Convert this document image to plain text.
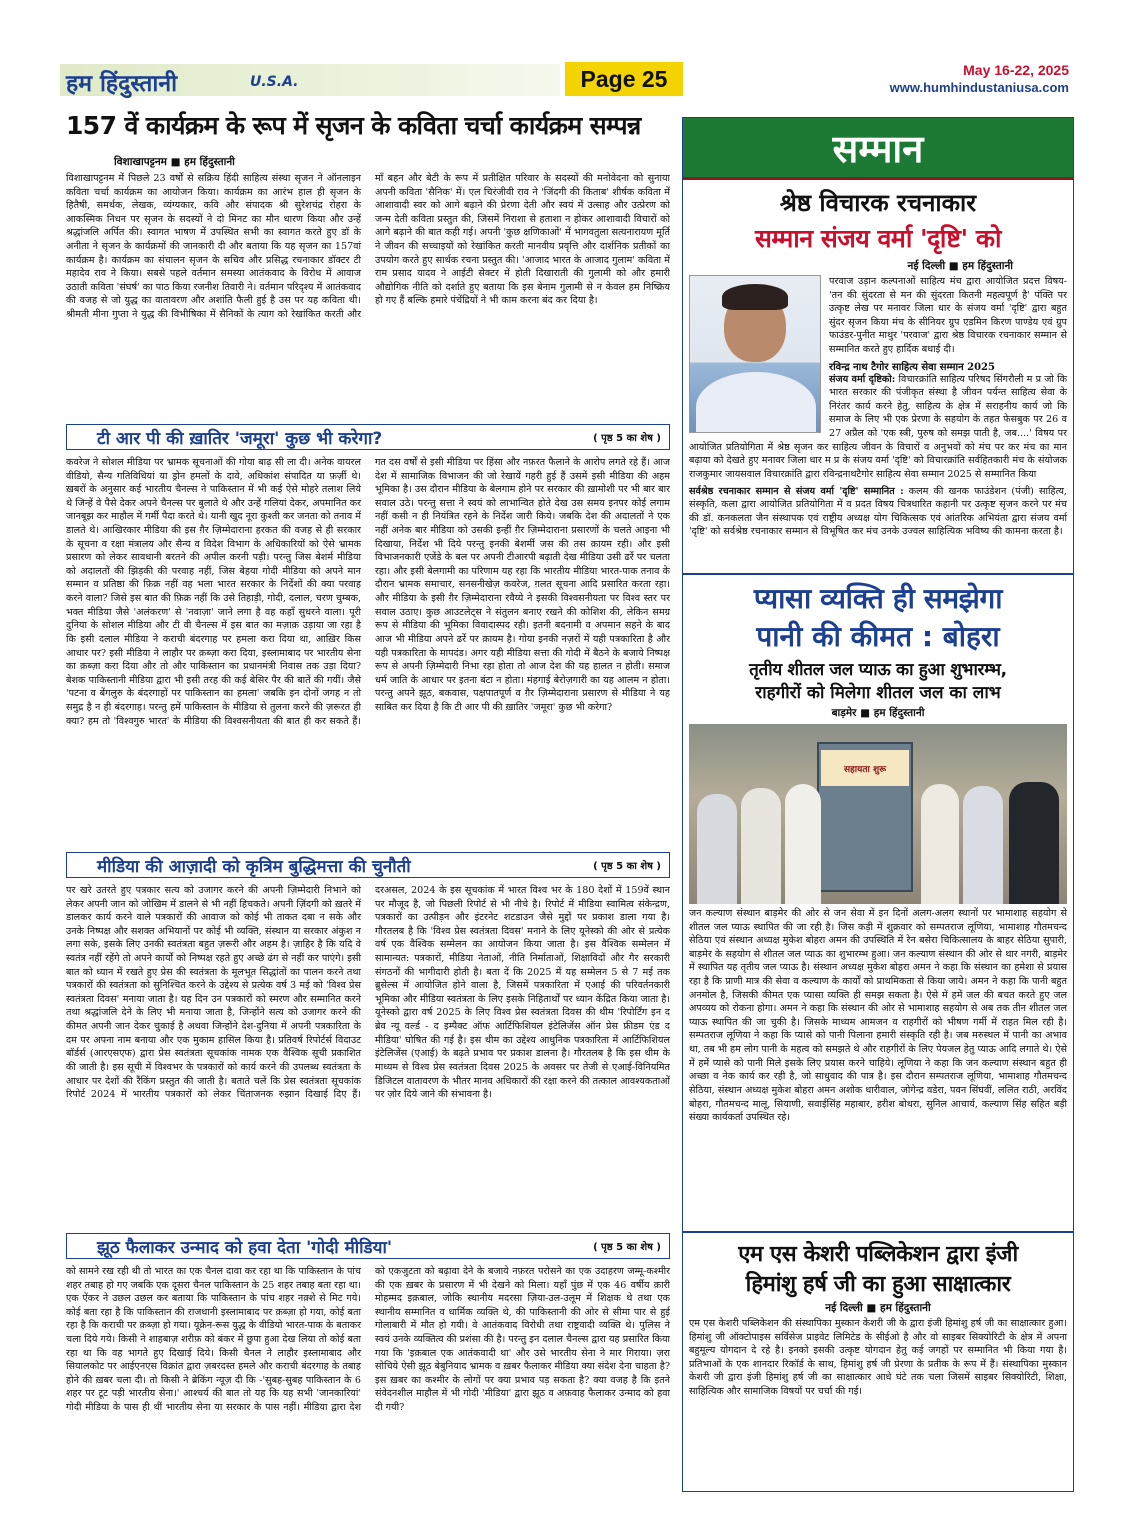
हम हिंदुस्तानी	U.S.A.	Page 25	May 16-22, 2025
www.humhindustaniusa.com
157 वें कार्यक्रम के रूप में सृजन के कविता चर्चा कार्यक्रम सम्पन्न
विशाखापट्टनम ■ हम हिंदुस्तानी

विशाखापट्टनम में पिछले 23 वर्षों से सक्रिय हिंदी साहित्य संस्था सृजन ने ऑनलाइन कविता चर्चा कार्यक्रम का आयोजन किया। कार्यक्रम का आरंभ हाल ही सृजन के हितैषी, समर्थक, लेखक, व्यंग्यकार, कवि और संपादक श्री सुरेशचंद्र रोहरा के आकस्मिक निधन पर सृजन के सदस्यों ने दो मिनट का मौन धारण किया और उन्हें श्रद्धांजलि अर्पित की। स्वागत भाषण में उपस्थित सभी का स्वागत करते हुए डॉ के अनीता ने सृजन के कार्यक्रमों की जानकारी दी और बताया कि यह सृजन का 157वां कार्यक्रम है। कार्यक्रम का संचालन सृजन के सचिव और प्रसिद्ध रचनाकार डॉक्टर टी महादेव राव ने किया। सबसे पहले वर्तमान समस्या आतंकवाद के विरोध में आवाज उठाती कविता 'संघर्ष' का पाठ किया रजनीश तिवारी ने। वर्तमान परिदृश्य में आतंकवाद की वजह से जो युद्ध का वातावरण और अशांति फैली हुई है उस पर यह कविता थी। श्रीमती मीना गुप्ता ने युद्ध की विभीषिका में सैनिकों के त्याग को रेखांकित करती और माँ बहन और बेटी के रूप में प्रतीक्षित परिवार के सदस्यों की मनोवेदना को सुनाया अपनी कविता 'सैनिक' में। एल चिरंजीवी राव ने 'जिंदगी की किताब' शीर्षक कविता में आशावादी स्वर को आगे बढ़ाने की प्रेरणा देती और स्वयं में उत्साह और उत्प्रेरण को जन्म देती कविता प्रस्तुत की, जिसमें निराशा से हताशा न होकर आशावादी विचारों को आगे बढ़ाने की बात कही गई। अपनी 'कुछ क्षणिकाओं' में भागवतुला सत्यनारायण मूर्ति ने जीवन की सच्चाइयों को रेखांकित करती मानवीय प्रवृत्ति और दार्शनिक प्रतीकों का उपयोग करते हुए सार्थक रचना प्रस्तुत की। 'आजाद भारत के आजाद गुलाम' कविता में राम प्रसाद यादव ने आईटी सेक्टर में होती दिखाराती की गुलामी को और हमारी औद्योगिक नीति को दर्शाते हुए बताया कि इस बेनाम गुलामी से न केवल हम निष्क्रिय हो गए हैं बल्कि हमारे पंचेंद्रियों ने भी काम करना बंद कर दिया है।

टी आर पी की ख़ातिर 'जमूरा' कुछ भी करेगा?	( पृष्ठ 5 का शेष )

कवरेज ने सोशल मीडिया पर भ्रामक सूचनाओं की गोया बाढ़ सी ला दी। अनेक वायरल वीडियो, सैन्य गतिविधियां या ड्रोन हमलों के दावे, अधिकांश संपादित या फ़र्ज़ी थे। ख़बरों के अनुसार कई भारतीय चैनल्स ने पाकिस्तान में भी कई ऐसे मोहरे तलाश लिये थे जिन्हें वे पैसे देकर अपने चैनल्स पर बुलाते थे और उन्हें गलियां देकर, अपमानित कर जानबूझ कर माहौल में गर्मी पैदा करते थे। यानी खुद नूरा कुश्ती कर जनता को तनाव में डालते थे। आखिरकार मीडिया की इस ग़ैर ज़िम्मेदाराना हरकत की वजह से ही सरकार के सूचना व रक्षा मंत्रालय और सैन्य व विदेश विभाग के अधिकारियों को ऐसे भ्रामक प्रसारण को लेकर सावधानी बरतने की अपील करनी पड़ी। परन्तु जिस बेशर्म मीडिया को अदालतों की झिड़की की परवाह नहीं, जिस बेहया गोदी मीडिया को अपने मान सम्मान व प्रतिष्ठा की फ़िक्र नहीं वह भला भारत सरकार के निर्देशों की क्या परवाह करने वाला? जिसे इस बात की फ़िक्र नहीं कि उसे तिहाड़ी, गोदी, दलाल, चरण चुम्बक, भक्त मीडिया जैसे 'अलंकरण' से 'नवाज़ा' जाने लगा है वह कहाँ सुधरने वाला। पूरी दुनिया के सोशल मीडिया और टी वी चैनल्स में इस बात का मज़ाक़ उड़ाया जा रहा है कि इसी दलाल मीडिया ने कराची बंदरगाह पर हमला करा दिया था, आख़िर किस आधार पर? इसी मीडिया ने लाहौर पर क़ब्ज़ा करा दिया, इस्लामाबाद पर भारतीय सेना का क़ब्ज़ा करा दिया और तो और पाकिस्तान का प्रधानमंत्री निवास तक उड़ा दिया? बेशक पाकिस्तानी मीडिया द्वारा भी इसी तरह की कई बेसिर पैर की बातें की गयीं। जैसे 'पटना व बेंगलुरु के बंदरगाहों पर पाकिस्तान का हमला' जबकि इन दोनों जगह न तो समुद्र है न ही बंदरगाह। परन्तु हमें पाकिस्तान के मीडिया से तुलना करने की ज़रूरत ही क्या? हम तो 'विश्वगुरु भारत' के मीडिया की विश्वसनीयता की बात ही कर सकते हैं। गत दस वर्षों से इसी मीडिया पर हिंसा और नफ़रत फैलाने के आरोप लगते रहे हैं। आज देश में सामाजिक विभाजन की जो रेखायें गहरी हुई हैं उसमें इसी मीडिया की अहम भूमिका है। उस दौरान मीडिया के बेलगाम होने पर सरकार की ख़ामोशी पर भी बार बार सवाल उठे। परन्तु सत्ता ने स्वयं को लाभान्वित होते देख उस समय इनपर कोई लगाम नहीं कसी न ही नियंत्रित रहने के निर्देश जारी किये। जबकि देश की अदालतों ने एक नहीं अनेक बार मीडिया को उसकी इन्हीं ग़ैर ज़िम्मेदाराना प्रसारणों के चलते आइना भी दिखाया, निर्देश भी दिये परन्तु इनकी बेशर्मी जस की तस क़ायम रही। और इसी विभाजनकारी एजेंडे के बल पर अपनी टीआरपी बढ़ाती देख मीडिया उसी ढर्रे पर चलता रहा। और इसी बेलगामी का परिणाम यह रहा कि भारतीय मीडिया भारत-पाक तनाव के दौरान भ्रामक समाचार, सनसनीखेज़ कवरेज, ग़लत सूचना आदि प्रसारित करता रहा। और मीडिया के इसी ग़ैर ज़िम्मेदाराना रवैय्ये ने इसकी विश्वसनीयता पर विश्व स्तर पर सवाल उठाए। कुछ आउटलेट्स ने संतुलन बनाए रखने की कोशिश की, लेकिन समग्र रूप से मीडिया की भूमिका विवादास्पद रही। इतनी बदनामी व अपमान सहने के बाद आज भी मीडिया अपने ढर्रे पर क़ायम है। गोया इनकी नज़रों में यही पत्रकारिता है और यही पत्रकारिता के मापदंड। अगर यही मीडिया सत्ता की गोदी में बैठने के बजाये निष्पक्ष रूप से अपनी ज़िम्मेदारी निभा रहा होता तो आज देश की यह हालत न होती। समाज धर्म जाति के आधार पर इतना बंटा न होता। मंहगाई बेरोज़गारी का यह आलम न होता। परन्तु अपने झूठ, बकवास, पक्षपातपूर्ण व ग़ैर ज़िम्मेदाराना प्रसारण से मीडिया ने यह साबित कर दिया है कि टी आर पी की ख़ातिर 'जमूरा' कुछ भी करेगा?

मीडिया की आज़ादी को कृत्रिम बुद्धिमत्ता की चुनौती	( पृष्ठ 5 का शेष )

पर खरे उतरते हुए पत्रकार सत्य को उजागर करने की अपनी ज़िम्मेदारी निभाने को लेकर अपनी जान को जोखिम में डालने से भी नहीं हिचकते। अपनी ज़िंदगी को ख़तरे में डालकर कार्य करने वाले पत्रकारों की आवाज को कोई भी ताकत दबा न सके और उनके निष्पक्ष और सशक्त अभियानों पर कोई भी व्यक्ति, संस्थान या सरकार अंकुश न लगा सके, इसके लिए उनकी स्वतंत्रता बहुत ज़रूरी और अहम है। ज़ाहिर है कि यदि वे स्वतंत्र नहीं रहेंगे तो अपने कार्यों को निष्पक्ष रहते हुए अच्छे ढंग से नहीं कर पाएंगे। इसी बात को ध्यान में रखते हुए प्रेस की स्वतंत्रता के मूलभूत सिद्धांतों का पालन करने तथा पत्रकारों की स्वतंत्रता को सुनिश्चित करने के उद्देश्य से प्रत्येक वर्ष 3 मई को 'विश्व प्रेस स्वतंत्रता दिवस' मनाया जाता है। यह दिन उन पत्रकारों को स्मरण और सम्मानित करने तथा श्रद्धांजलि देने के लिए भी मनाया जाता है, जिन्होंने सत्य को उजागर करने की कीमत अपनी जान देकर चुकाई है अथवा जिन्होंने देश-दुनिया में अपनी पत्रकारिता के दम पर अपना नाम बनाया और एक मुकाम हासिल किया है। प्रतिवर्ष रिपोर्टर्स विदाउट बॉर्डर्स (आरएसएफ) द्वारा प्रेस स्वतंत्रता सूचकांक नामक एक वैश्विक सूची प्रकाशित की जाती है। इस सूची में विश्वभर के पत्रकारों को कार्य करने की उपलब्ध स्वतंत्रता के आधार पर देशों की रैंकिंग प्रस्तुत की जाती है। बताते चलें कि प्रेस स्वतंत्रता सूचकांक रिपोर्ट 2024 में भारतीय पत्रकारों को लेकर चिंताजनक रुझान दिखाई दिए हैं। दरअसल, 2024 के इस सूचकांक में भारत विश्व भर के 180 देशों में 159वें स्थान पर मौजूद है, जो पिछली रिपोर्ट से भी नीचे है। रिपोर्ट में मीडिया स्वामित्व संकेन्द्रण, पत्रकारों का उत्पीड़न और इंटरनेट शटडाउन जैसे मुद्दों पर प्रकाश डाला गया है। गौरतलब है कि 'विश्व प्रेस स्वतंत्रता दिवस' मनाने के लिए यूनेस्को की ओर से प्रत्येक वर्ष एक वैश्विक सम्मेलन का आयोजन किया जाता है। इस वैश्विक सम्मेलन में सामान्यत: पत्रकारों, मीडिया नेताओं, नीति निर्माताओं, शिक्षाविदों और गैर सरकारी संगठनों की भागीदारी होती है। बता दें कि 2025 में यह सम्मेलन 5 से 7 मई तक ब्रुसेल्स में आयोजित होने वाला है, जिसमें पत्रकारिता में एआई की परिवर्तनकारी भूमिका और मीडिया स्वतंत्रता के लिए इसके निहितार्थों पर ध्यान केंद्रित किया जाता है। यूनेस्को द्वारा वर्ष 2025 के लिए विश्व प्रेस स्वतंत्रता दिवस की थीम 'रिपोर्टिंग इन द ब्रेव न्यू वर्ल्ड - द इम्पैक्ट ऑफ आर्टिफिशियल इंटेलिजेंस ऑन प्रेस फ्रीडम एंड द मीडिया' घोषित की गई है। इस थीम का उद्देश्य आधुनिक पत्रकारिता में आर्टिफिशियल इंटेलिजेंस (एआई) के बढ़ते प्रभाव पर प्रकाश डालना है। गौरतलब है कि इस थीम के माध्यम से विश्व प्रेस स्वतंत्रता दिवस 2025 के अवसर पर तेजी से एआई-विनियमित डिजिटल वातावरण के भीतर मानव अधिकारों की रक्षा करने की तत्काल आवश्यकताओं पर ज़ोर दिये जाने की संभावना है।

झूठ फैलाकर उन्माद को हवा देता 'गोदी मीडिया'	( पृष्ठ 5 का शेष )

को सामने रख रही थी तो भारत का एक चैनल दावा कर रहा था कि पाकिस्तान के पांच शहर तबाह हो गए जबकि एक दूसरा चैनल पाकिस्तान के 25 शहर तबाह बता रहा था। एक ऐंकर ने उछल उछल कर बताया कि पाकिस्तान के पांच शहर नक़्शे से मिट गये। कोई बता रहा है कि पाकिस्तान की राजधानी इस्लामाबाद पर क़ब्ज़ा हो गया, कोई बता रहा है कि कराची पर क़ब्ज़ा हो गया। यूक्रेन-रूस युद्ध के वीडियो भारत-पाक के बताकर चला दिये गये। किसी ने शाहबाज़ शरीफ़ को बंकर में छुपा हुआ देख लिया तो कोई बता रहा था कि वह भागते हुए दिखाई दिये। किसी चैनल ने लाहौर इस्लामाबाद और सियालकोट पर आईएनएस विक्रांत द्वारा ज़बरदस्त हमले और कराची बंदरगाह के तबाह होने की ख़बर चला दी। तो किसी ने ब्रेकिंग न्यूज़ दी कि -'सुबह-सुबह पाकिस्तान के 6 शहर पर टूट पड़ी भारतीय सेना।' आश्चर्य की बात तो यह कि यह सभी 'जानकारियां' गोदी मीडिया के पास ही थीं भारतीय सेना या सरकार के पास नहीं। मीडिया द्वारा देश को एकजुटता को बढ़ावा देने के बजाये नफ़रत परोसने का एक उदाहरण जम्मू-कश्मीर की एक ख़बर के प्रसारण में भी देखने को मिला। यहाँ पुंछ में एक 46 वर्षीय क़ारी मोहम्मद इक़बाल, जोकि स्थानीय मदरसा ज़िया-उल-उलूम में शिक्षक थे तथा एक स्थानीय सम्मानित व धार्मिक व्यक्ति थे, की पाकिस्तानी की ओर से सीमा पार से हुई गोलाबारी में मौत हो गयी। वे आतंकवाद विरोधी तथा राष्ट्रवादी व्यक्ति थे। पुलिस ने स्वयं उनके व्यक्तित्व की प्रशंसा की है। परन्तु इन दलाल चैनल्स द्वारा यह प्रसारित किया गया कि 'इक़बाल एक आतंकवादी था' और उसे भारतीय सेना ने मार गिराया। ज़रा सोचिये ऐसी झूठ बेबुनियाद भ्रामक व ख़बर फैलाकर मीडिया क्या संदेश देना चाहता है? इस ख़बर का कश्मीर के लोगों पर क्या प्रभाव पड़ सकता है? क्या वजह है कि इतने संवेदनशील माहौल में भी गोदी 'मीडिया' द्वारा झूठ व अफ़वाह फैलाकर उन्माद को हवा दी गयी?

सम्मान
श्रेष्ठ विचारक रचनाकार
सम्मान संजय वर्मा 'दृष्टि' को
नई दिल्ली ■ हम हिंदुस्तानी

परवाज उड़ान कल्पनाओं साहित्य मंच द्वारा आयोजित प्रदत्त विषय-'तन की सुंदरता से मन की सुंदरता कितनी महत्वपूर्ण है' पंक्ति पर उत्कृष्ट लेख पर मनावर जिला धार के संजय वर्मा 'दृष्टि' द्वारा बहुत सुंदर सृजन किया मंच के सीनियर ग्रुप एडमिन किरण पाण्डेय एवं ग्रुप फाउंडर-पुनीत माथुर 'परवाज' द्वारा श्रेष्ठ विचारक रचनाकार सम्मान से सम्मानित करते हुए हार्दिक बधाई दी।

रविन्द्र नाथ टैगोर साहित्य सेवा सम्मान 2025

संजय वर्मा दृष्टिको: विचारक्रांति साहित्य परिषद सिंगरौली म प्र जो कि भारत सरकार की पंजीकृत संस्था है जीवन पर्यन्त साहित्य सेवा के निरंतर कार्य करने हेतु, साहित्य के क्षेत्र में सराहनीय कार्य जो कि समाज के लिए भी एक प्रेरणा के सहयोग के तहत फेसबुक पर 26 व 27 अप्रैल को 'एक स्त्री, पुरुष को समझ पाती है, जब....' विषय पर आयोजित प्रतियोगिता में श्रेष्ठ सृजन कर साहित्य जीवन के विचारों व अनुभवों को मंच पर कर मंच का मान बढ़ाया को देखते हुए मनावर जिला धार म प्र के संजय वर्मा 'दृष्टि' को विचारक्रांति सर्वहितकारी मंच के संयोजक राजकुमार जायसवाल विचारक्रांति द्वारा रविन्द्रनाथटैगोर साहित्य सेवा सम्मान 2025 से सम्मानित किया

सर्वश्रेष्ठ रचनाकार सम्मान से संजय वर्मा 'दृष्टि' सम्मानित : कलम की खनक फाउंडेशन (पंजी) साहित्य, संस्कृति, कला द्वारा आयोजित प्रतियोगिता में व प्रदत विषय चित्रधारित कहानी पर उत्कृष्ट सृजन करने पर मंच की डॉ. कनकलता जैन संस्थापक एवं राष्ट्रीय अध्यक्ष योग चिकित्सक एवं आंतरिक अभियंता द्वारा संजय वर्मा 'दृष्टि' को सर्वश्रेष्ठ रचनाकार सम्मान से विभूषित कर मंच उनके उज्वल साहित्यिक भविष्य की कामना करता है।

प्यासा व्यक्ति ही समझेगा
पानी की कीमत : बोहरा
तृतीय शीतल जल प्याऊ का हुआ शुभारम्भ,
राहगीरों को मिलेगा शीतल जल का लाभ
बाड़मेर ■ हम हिंदुस्तानी
सहायता शुरू

जन कल्याण संस्थान बाड़मेर की ओर से जन सेवा में इन दिनों अलग-अलग स्थानों पर भामाशाह सहयोग से शीतल जल प्याऊ स्थापित की जा रही है। जिस कड़ी में शुक्रवार को सम्पतराज लूणिया, भामाशाह गौतमचन्द सेठिया एवं संस्थान अध्यक्ष मुकेश बोहरा अमन की उपस्थिति में रेन बसेरा चिकित्सालय के बाहर सेठिया सुपारी, बाड़मेर के सहयोग से शीतल जल प्याऊ का शुभारम्भ हुआ। जन कल्याण संस्थान की ओर से थार नगरी, बाड़मेर में स्थापित यह तृतीय जल प्याऊ है। संस्थान अध्यक्ष मुकेश बोहरा अमन ने कहा कि संस्थान का हमेशा से प्रयास रहा है कि प्राणी मात्र की सेवा व कल्याण के कार्यों को प्राथमिकता से किया जाये। अमन ने कहा कि पानी बहुत अनमोल है, जिसकी कीमत एक प्यासा व्यक्ति ही समझ सकता है। ऐसे में हमें जल की बचत करते हुए जल अपव्यय को रोकना होगा। अमन ने कहा कि संस्थान की ओर से भामाशाह सहयोग से अब तक तीन शीतल जल प्याऊ स्थापित की जा चुकी है। जिसके माध्यम आमजन व राहगीरों को भीषण गर्मी में राहत मिल रही है। सम्पतराज लूणिया ने कहा कि प्यासे को पानी पिलाना हमारी संस्कृति रही है। जब मरुस्थल में पानी का अभाव था, तब भी हम लोग पानी के महत्व को समझते थे और राहगीरों के लिए पेयजल हेतु प्याऊ आदि लगाते थे। ऐसे में हमें प्यासे को पानी मिले इसके लिए प्रयास करने चाहिये। लूणिया ने कहा कि जन कल्याण संस्थान बहुत ही अच्छा व नेक कार्य कर रही है, जो साधुवाद की पात्र है। इस दौरान सम्पतराज लूणिया, भामाशाह गौतमचन्द सेठिया, संस्थान अध्यक्ष मुकेश बोहरा अमन अशोक धारीवाल, जोगेन्द्र वडेरा, पवन सिंघवीं, ललित राठी, अरविंद बोहरा, गौतमचन्द मालू, सियाणी, सवाईसिंह महाबार, हरीश बोथरा, सुनिल आचार्य, कल्याण सिंह सहित बड़ी संख्या कार्यकर्ता उपस्थित रहे।

एम एस केशरी पब्लिकेशन द्वारा इंजी
हिमांशु हर्ष जी का हुआ साक्षात्कार
नई दिल्ली ■ हम हिंदुस्तानी

एम एस केशरी पब्लिकेशन की संस्थापिका मुस्कान केशरी जी के द्वारा इंजी हिमांशु हर्ष जी का साक्षात्कार हुआ। हिमांशु जी ऑक्टोपाइस सर्विसेज प्राइवेट लिमिटेड के सीईओ है और वो साइबर सिक्योरिटी के क्षेत्र में अपना बहुमूल्य योगदान दे रहे है। इनको इसकी उत्कृष्ट योगदान हेतु कई जगहों पर सम्मानित भी किया गया है। प्रतिभाओं के एक शानदार रिकॉर्ड के साथ, हिमांशु हर्ष जी प्रेरणा के प्रतीक के रूप में हैं। संस्थापिका मुस्कान केशरी जी द्वारा इंजी हिमांशु हर्ष जी का साक्षात्कार आधे घंटे तक चला जिसमें साइबर सिक्योरिटी, शिक्षा, साहित्यिक और सामाजिक विषयों पर चर्चा की गई।
